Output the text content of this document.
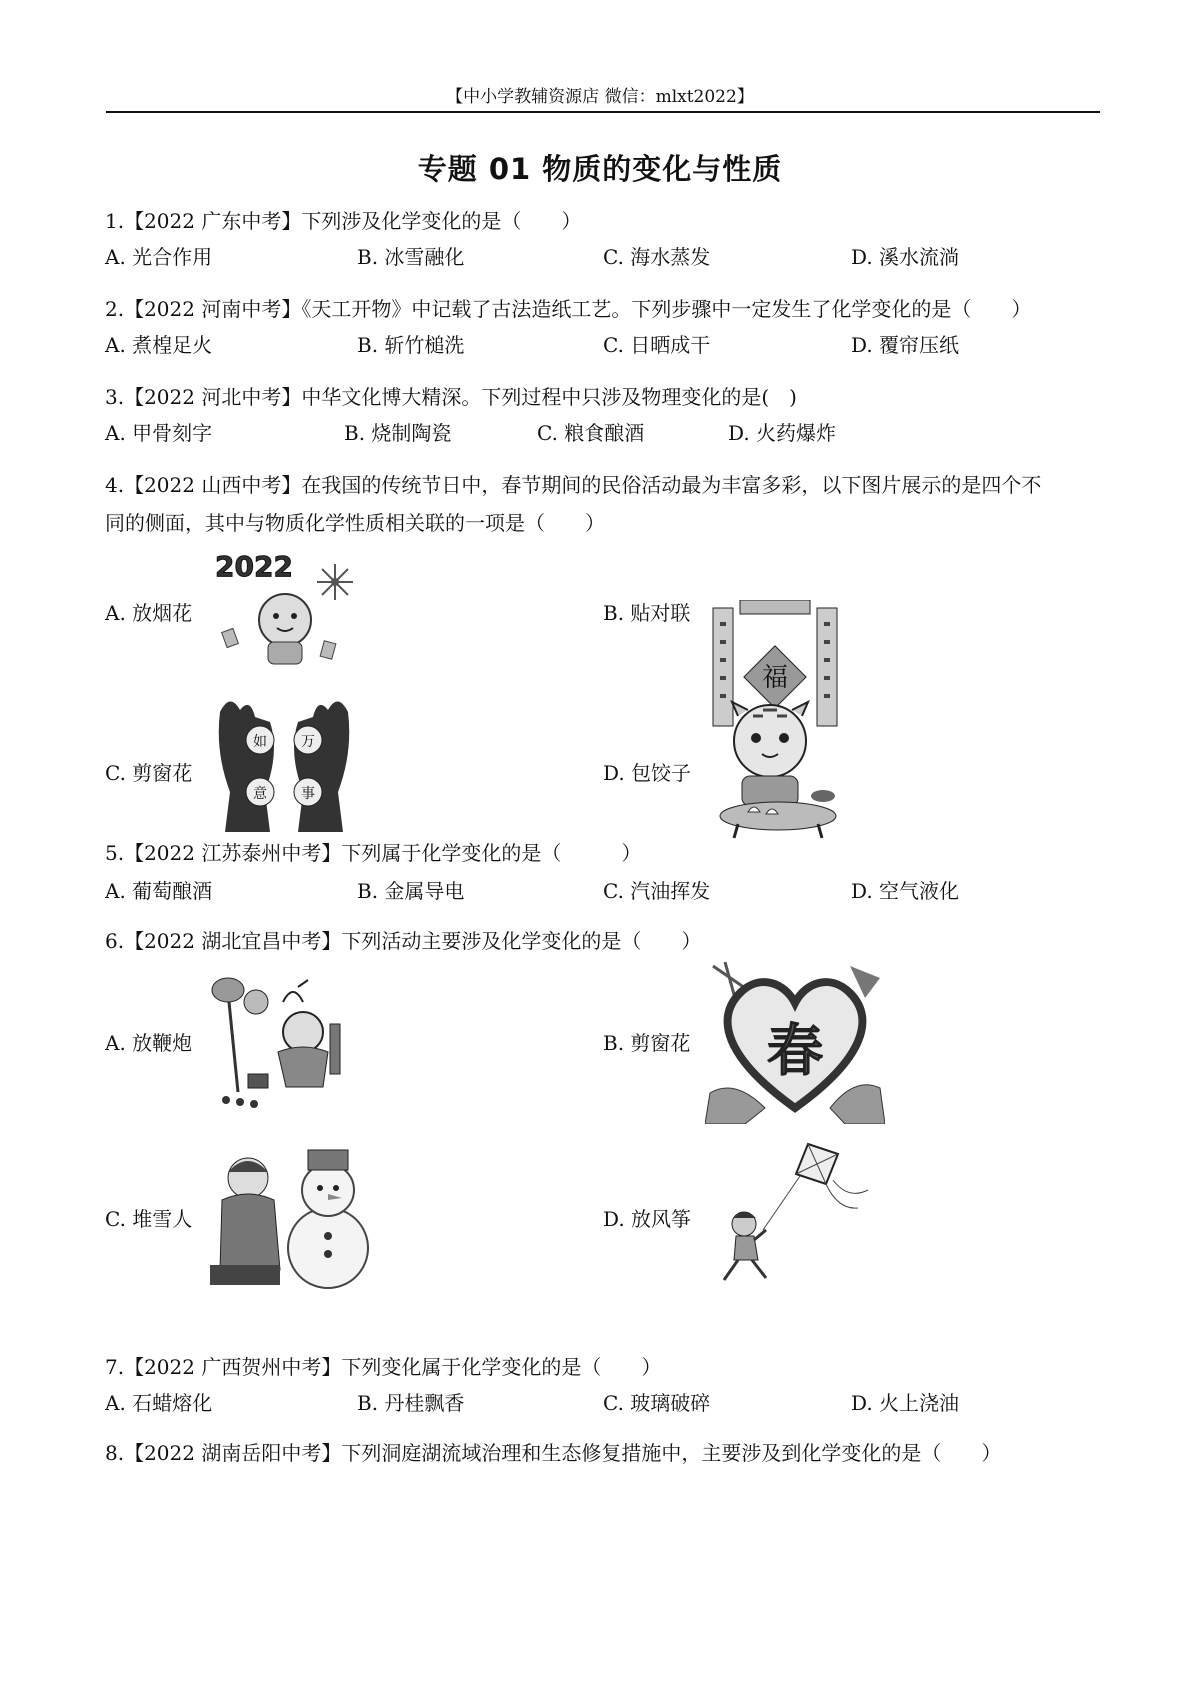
【中小学教辅资源店 微信：mlxt2022】
专题 01 物质的变化与性质
1.【2022 广东中考】下列涉及化学变化的是（　　）
A. 光合作用	B. 冰雪融化	C. 海水蒸发	D. 溪水流淌
2.【2022 河南中考】《天工开物》中记载了古法造纸工艺。下列步骤中一定发生了化学变化的是（　　）
A. 煮楻足火	B. 斩竹槌洗	C. 日晒成干	D. 覆帘压纸
3.【2022 河北中考】中华文化博大精深。下列过程中只涉及物理变化的是(　)
A. 甲骨刻字	B. 烧制陶瓷	C. 粮食酿酒	D. 火药爆炸
4.【2022 山西中考】在我国的传统节日中，春节期间的民俗活动最为丰富多彩，以下图片展示的是四个不
同的侧面，其中与物质化学性质相关联的一项是（　　）
A. 放烟花
2022
B. 贴对联
福
C. 剪窗花
如 万
意 事
D. 包饺子
5.【2022 江苏泰州中考】下列属于化学变化的是（　　　）
A. 葡萄酿酒	B. 金属导电	C. 汽油挥发	D. 空气液化
6.【2022 湖北宜昌中考】下列活动主要涉及化学变化的是（　　）
A. 放鞭炮	B. 剪窗花 春
C. 堆雪人	D. 放风筝
7.【2022 广西贺州中考】下列变化属于化学变化的是（　　）
A. 石蜡熔化	B. 丹桂飘香	C. 玻璃破碎	D. 火上浇油
8.【2022 湖南岳阳中考】下列洞庭湖流域治理和生态修复措施中，主要涉及到化学变化的是（　　）
